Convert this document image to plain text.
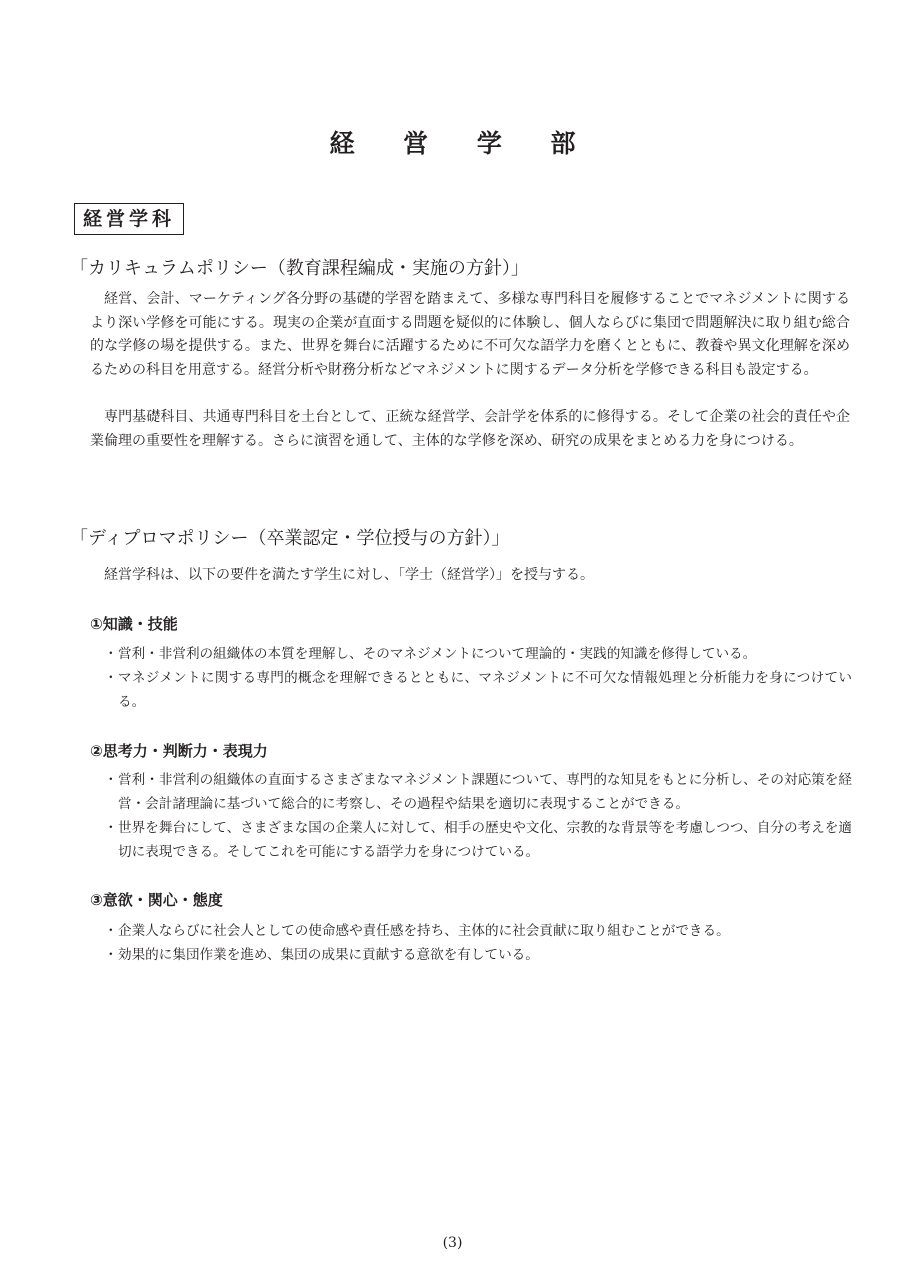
経 営 学 部
経営学科
「カリキュラムポリシー（教育課程編成・実施の方針）」

経営、会計、マーケティング各分野の基礎的学習を踏まえて、多様な専門科目を履修することでマネジメントに関するより深い学修を可能にする。現実の企業が直面する問題を疑似的に体験し、個人ならびに集団で問題解決に取り組む総合的な学修の場を提供する。また、世界を舞台に活躍するために不可欠な語学力を磨くとともに、教養や異文化理解を深めるための科目を用意する。経営分析や財務分析などマネジメントに関するデータ分析を学修できる科目も設定する。

専門基礎科目、共通専門科目を土台として、正統な経営学、会計学を体系的に修得する。そして企業の社会的責任や企業倫理の重要性を理解する。さらに演習を通して、主体的な学修を深め、研究の成果をまとめる力を身につける。

「ディプロマポリシー（卒業認定・学位授与の方針）」
経営学科は、以下の要件を満たす学生に対し、「学士（経営学）」を授与する。
①知識・技能
・ 営利・非営利の組織体の本質を理解し、そのマネジメントについて理論的・実践的知識を修得している。
・ マネジメントに関する専門的概念を理解できるとともに、マネジメントに不可欠な情報処理と分析能力を身につけている。
②思考力・判断力・表現力
・ 営利・非営利の組織体の直面するさまざまなマネジメント課題について、専門的な知見をもとに分析し、その対応策を経営・会計諸理論に基づいて総合的に考察し、その過程や結果を適切に表現することができる。
・ 世界を舞台にして、さまざまな国の企業人に対して、相手の歴史や文化、宗教的な背景等を考慮しつつ、自分の考えを適切に表現できる。そしてこれを可能にする語学力を身につけている。
③意欲・関心・態度
・ 企業人ならびに社会人としての使命感や責任感を持ち、主体的に社会貢献に取り組むことができる。
・ 効果的に集団作業を進め、集団の成果に貢献する意欲を有している。
(3)
